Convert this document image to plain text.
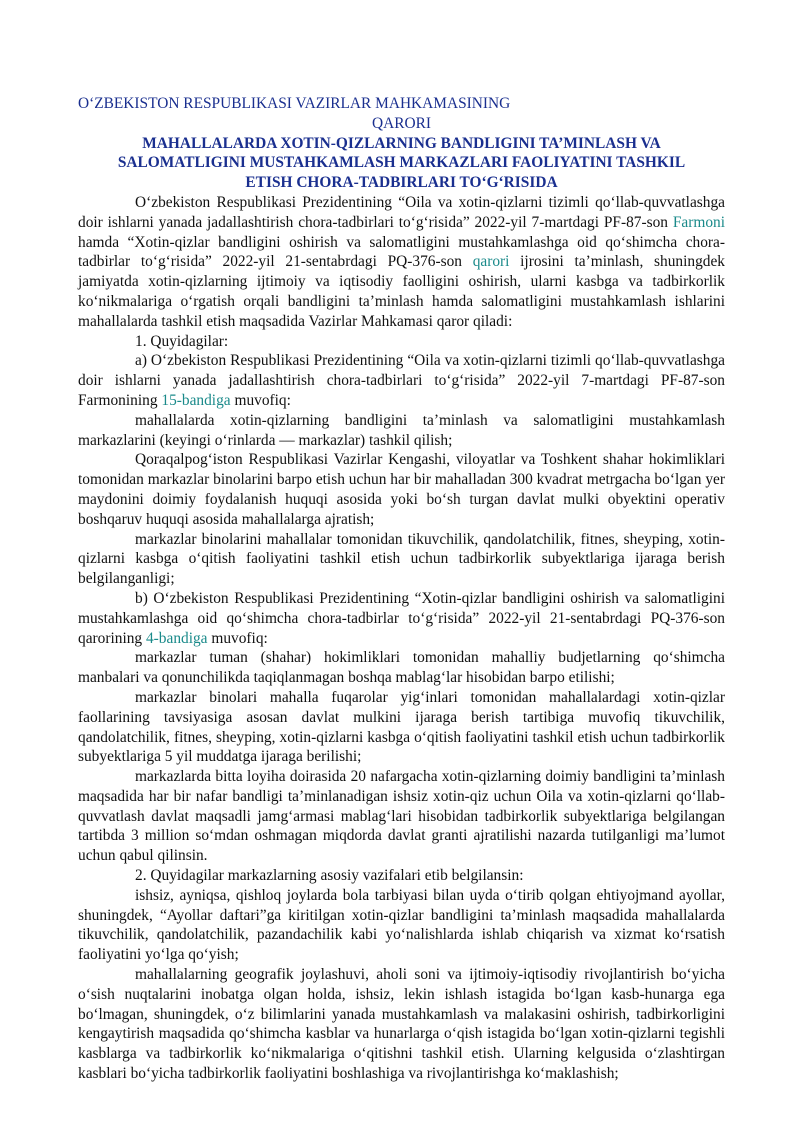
O‘ZBEKISTON RESPUBLIKASI VAZIRLAR MAHKAMASINING

QARORI

MAHALLALARDA XOTIN-QIZLARNING BANDLIGINI TA’MINLASH VA
SALOMATLIGINI MUSTAHKAMLASH MARKAZLARI FAOLIYATINI TASHKIL
ETISH CHORA-TADBIRLARI TO‘G‘RISIDA

O‘zbekiston Respublikasi Prezidentining “Oila va xotin-qizlarni tizimli qo‘llab-quvvatlashga doir ishlarni yanada jadallashtirish chora-tadbirlari to‘g‘risida” 2022-yil 7-martdagi PF-87-son Farmoni hamda “Xotin-qizlar bandligini oshirish va salomatligini mustahkamlashga oid qo‘shimcha chora-tadbirlar to‘g‘risida” 2022-yil 21-sentabrdagi PQ-376-son qarori ijrosini ta’minlash, shuningdek jamiyatda xotin-qizlarning ijtimoiy va iqtisodiy faolligini oshirish, ularni kasbga va tadbirkorlik ko‘nikmalariga o‘rgatish orqali bandligini ta’minlash hamda salomatligini mustahkamlash ishlarini mahallalarda tashkil etish maqsadida Vazirlar Mahkamasi qaror qiladi:

1. Quyidagilar:

a) O‘zbekiston Respublikasi Prezidentining “Oila va xotin-qizlarni tizimli qo‘llab-quvvatlashga doir ishlarni yanada jadallashtirish chora-tadbirlari to‘g‘risida” 2022-yil 7-martdagi PF-87-son Farmonining 15-bandiga muvofiq:

mahallalarda xotin-qizlarning bandligini ta’minlash va salomatligini mustahkamlash markazlarini (keyingi o‘rinlarda — markazlar) tashkil qilish;

Qoraqalpog‘iston Respublikasi Vazirlar Kengashi, viloyatlar va Toshkent shahar hokimliklari tomonidan markazlar binolarini barpo etish uchun har bir mahalladan 300 kvadrat metrgacha bo‘lgan yer maydonini doimiy foydalanish huquqi asosida yoki bo‘sh turgan davlat mulki obyektini operativ boshqaruv huquqi asosida mahallalarga ajratish;

markazlar binolarini mahallalar tomonidan tikuvchilik, qandolatchilik, fitnes, sheyping, xotin-qizlarni kasbga o‘qitish faoliyatini tashkil etish uchun tadbirkorlik subyektlariga ijaraga berish belgilanganligi;

b) O‘zbekiston Respublikasi Prezidentining “Xotin-qizlar bandligini oshirish va salomatligini mustahkamlashga oid qo‘shimcha chora-tadbirlar to‘g‘risida” 2022-yil 21-sentabrdagi PQ-376-son qarorining 4-bandiga muvofiq:

markazlar tuman (shahar) hokimliklari tomonidan mahalliy budjetlarning qo‘shimcha manbalari va qonunchilikda taqiqlanmagan boshqa mablag‘lar hisobidan barpo etilishi;

markazlar binolari mahalla fuqarolar yig‘inlari tomonidan mahallalardagi xotin-qizlar faollarining tavsiyasiga asosan davlat mulkini ijaraga berish tartibiga muvofiq tikuvchilik, qandolatchilik, fitnes, sheyping, xotin-qizlarni kasbga o‘qitish faoliyatini tashkil etish uchun tadbirkorlik subyektlariga 5 yil muddatga ijaraga berilishi;

markazlarda bitta loyiha doirasida 20 nafargacha xotin-qizlarning doimiy bandligini ta’minlash maqsadida har bir nafar bandligi ta’minlanadigan ishsiz xotin-qiz uchun Oila va xotin-qizlarni qo‘llab-quvvatlash davlat maqsadli jamg‘armasi mablag‘lari hisobidan tadbirkorlik subyektlariga belgilangan tartibda 3 million so‘mdan oshmagan miqdorda davlat granti ajratilishi nazarda tutilganligi ma’lumot uchun qabul qilinsin.

2. Quyidagilar markazlarning asosiy vazifalari etib belgilansin:

ishsiz, ayniqsa, qishloq joylarda bola tarbiyasi bilan uyda o‘tirib qolgan ehtiyojmand ayollar, shuningdek, “Ayollar daftari”ga kiritilgan xotin-qizlar bandligini ta’minlash maqsadida mahallalarda tikuvchilik, qandolatchilik, pazandachilik kabi yo‘nalishlarda ishlab chiqarish va xizmat ko‘rsatish faoliyatini yo‘lga qo‘yish;

mahallalarning geografik joylashuvi, aholi soni va ijtimoiy-iqtisodiy rivojlantirish bo‘yicha o‘sish nuqtalarini inobatga olgan holda, ishsiz, lekin ishlash istagida bo‘lgan kasb-hunarga ega bo‘lmagan, shuningdek, o‘z bilimlarini yanada mustahkamlash va malakasini oshirish, tadbirkorligini kengaytirish maqsadida qo‘shimcha kasblar va hunarlarga o‘qish istagida bo‘lgan xotin-qizlarni tegishli kasblarga va tadbirkorlik ko‘nikmalariga o‘qitishni tashkil etish. Ularning kelgusida o‘zlashtirgan kasblari bo‘yicha tadbirkorlik faoliyatini boshlashiga va rivojlantirishga ko‘maklashish;
